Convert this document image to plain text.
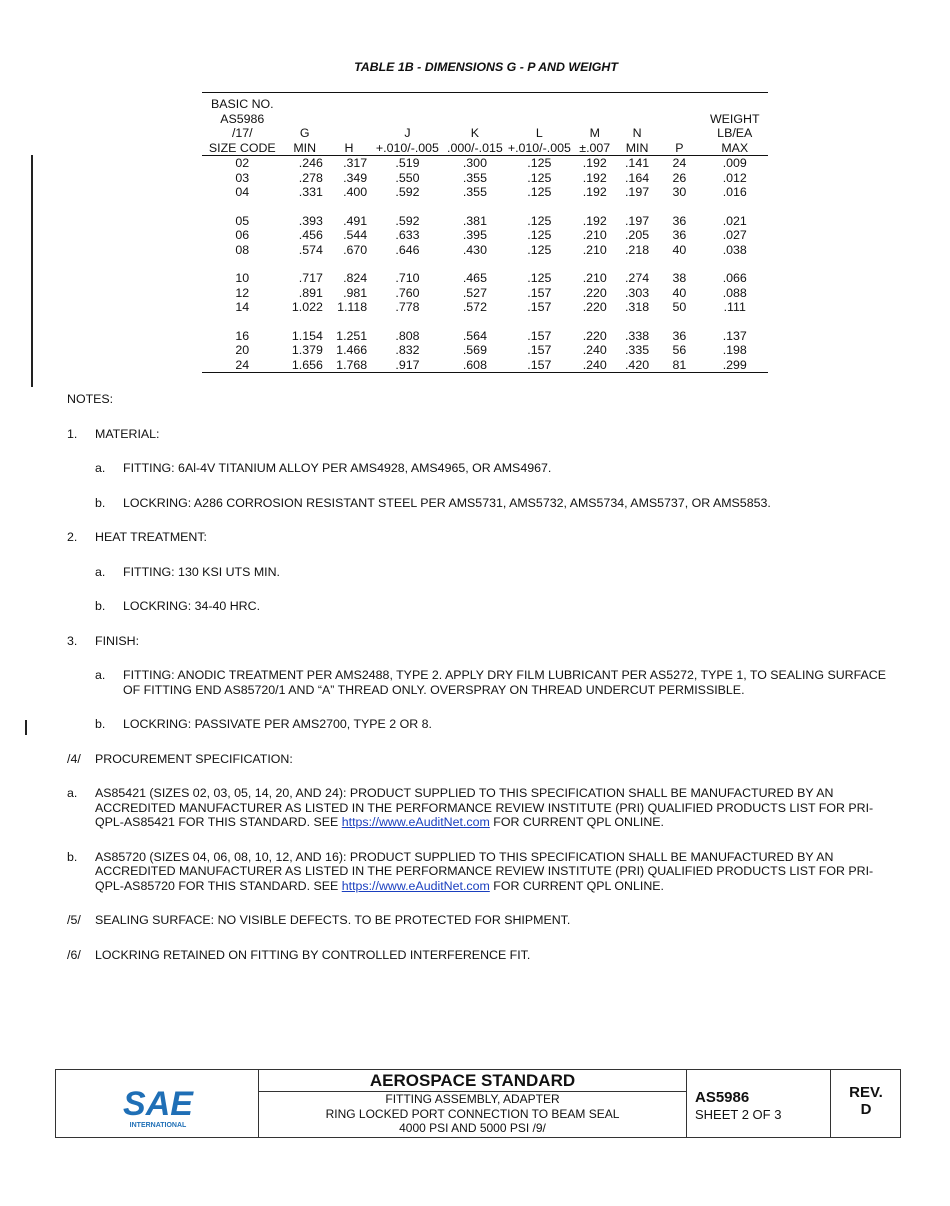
TABLE 1B - DIMENSIONS G - P AND WEIGHT
BASIC NO.									
AS5986									WEIGHT
/17/	G		J	K	L	M	N		LB/EA
SIZE CODE	MIN	H	+.010/-.005	.000/-.015	+.010/-.005	±.007	MIN	P	MAX
02	.246	.317	.519	.300	.125	.192	.141	24	.009
03	.278	.349	.550	.355	.125	.192	.164	26	.012
04	.331	.400	.592	.355	.125	.192	.197	30	.016

05	.393	.491	.592	.381	.125	.192	.197	36	.021
06	.456	.544	.633	.395	.125	.210	.205	36	.027
08	.574	.670	.646	.430	.125	.210	.218	40	.038

10	.717	.824	.710	.465	.125	.210	.274	38	.066
12	.891	.981	.760	.527	.157	.220	.303	40	.088
14	1.022	1.118	.778	.572	.157	.220	.318	50	.111

16	1.154	1.251	.808	.564	.157	.220	.338	36	.137
20	1.379	1.466	.832	.569	.157	.240	.335	56	.198
24	1.656	1.768	.917	.608	.157	.240	.420	81	.299

NOTES:

1. MATERIAL:

a. FITTING: 6Al-4V TITANIUM ALLOY PER AMS4928, AMS4965, OR AMS4967.

b. LOCKRING: A286 CORROSION RESISTANT STEEL PER AMS5731, AMS5732, AMS5734, AMS5737, OR AMS5853.

2. HEAT TREATMENT:

a. FITTING: 130 KSI UTS MIN.

b. LOCKRING: 34-40 HRC.

3. FINISH:

a. FITTING: ANODIC TREATMENT PER AMS2488, TYPE 2. APPLY DRY FILM LUBRICANT PER AS5272, TYPE 1, TO SEALING SURFACE OF FITTING END AS85720/1 AND “A” THREAD ONLY. OVERSPRAY ON THREAD UNDERCUT PERMISSIBLE.

b. LOCKRING: PASSIVATE PER AMS2700, TYPE 2 OR 8.

/4/ PROCUREMENT SPECIFICATION:

a. AS85421 (SIZES 02, 03, 05, 14, 20, AND 24): PRODUCT SUPPLIED TO THIS SPECIFICATION SHALL BE MANUFACTURED BY AN ACCREDITED MANUFACTURER AS LISTED IN THE PERFORMANCE REVIEW INSTITUTE (PRI) QUALIFIED PRODUCTS LIST FOR PRI-QPL-AS85421 FOR THIS STANDARD. SEE https://www.eAuditNet.com FOR CURRENT QPL ONLINE.

b. AS85720 (SIZES 04, 06, 08, 10, 12, AND 16): PRODUCT SUPPLIED TO THIS SPECIFICATION SHALL BE MANUFACTURED BY AN ACCREDITED MANUFACTURER AS LISTED IN THE PERFORMANCE REVIEW INSTITUTE (PRI) QUALIFIED PRODUCTS LIST FOR PRI-QPL-AS85720 FOR THIS STANDARD. SEE https://www.eAuditNet.com FOR CURRENT QPL ONLINE.

/5/ SEALING SURFACE: NO VISIBLE DEFECTS. TO BE PROTECTED FOR SHIPMENT.

/6/ LOCKRING RETAINED ON FITTING BY CONTROLLED INTERFERENCE FIT.

SAE
INTERNATIONAL
AEROSPACE STANDARD
FITTING ASSEMBLY, ADAPTER
RING LOCKED PORT CONNECTION TO BEAM SEAL
4000 PSI AND 5000 PSI /9/
AS5986
SHEET 2 OF 3
REV.
D
